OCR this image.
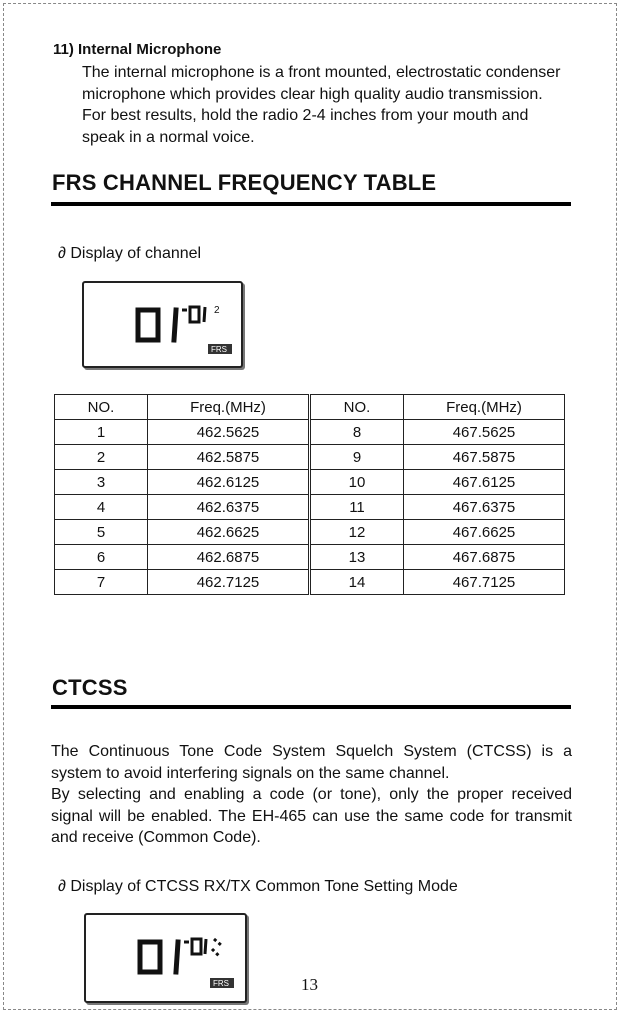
11) Internal Microphone
The internal microphone is a front mounted, electrostatic condenser microphone which provides clear high quality audio transmission. For best results, hold the radio 2-4 inches from your mouth and speak in a normal voice.
FRS CHANNEL FREQUENCY TABLE
∂ Display of channel
2
FRS
NO.	Freq.(MHz)	NO.	Freq.(MHz)
1	462.5625	8	467.5625
2	462.5875	9	467.5875
3	462.6125	10	467.6125
4	462.6375	11	467.6375
5	462.6625	12	467.6625
6	462.6875	13	467.6875
7	462.7125	14	467.7125
CTCSS

The Continuous Tone Code System Squelch System (CTCSS) is a system to avoid interfering signals on the same channel.

By selecting and enabling a code (or tone), only the proper received signal will be enabled. The EH-465 can use the same code for transmit and receive (Common Code).

∂ Display of CTCSS RX/TX Common Tone Setting Mode
FRS	13
